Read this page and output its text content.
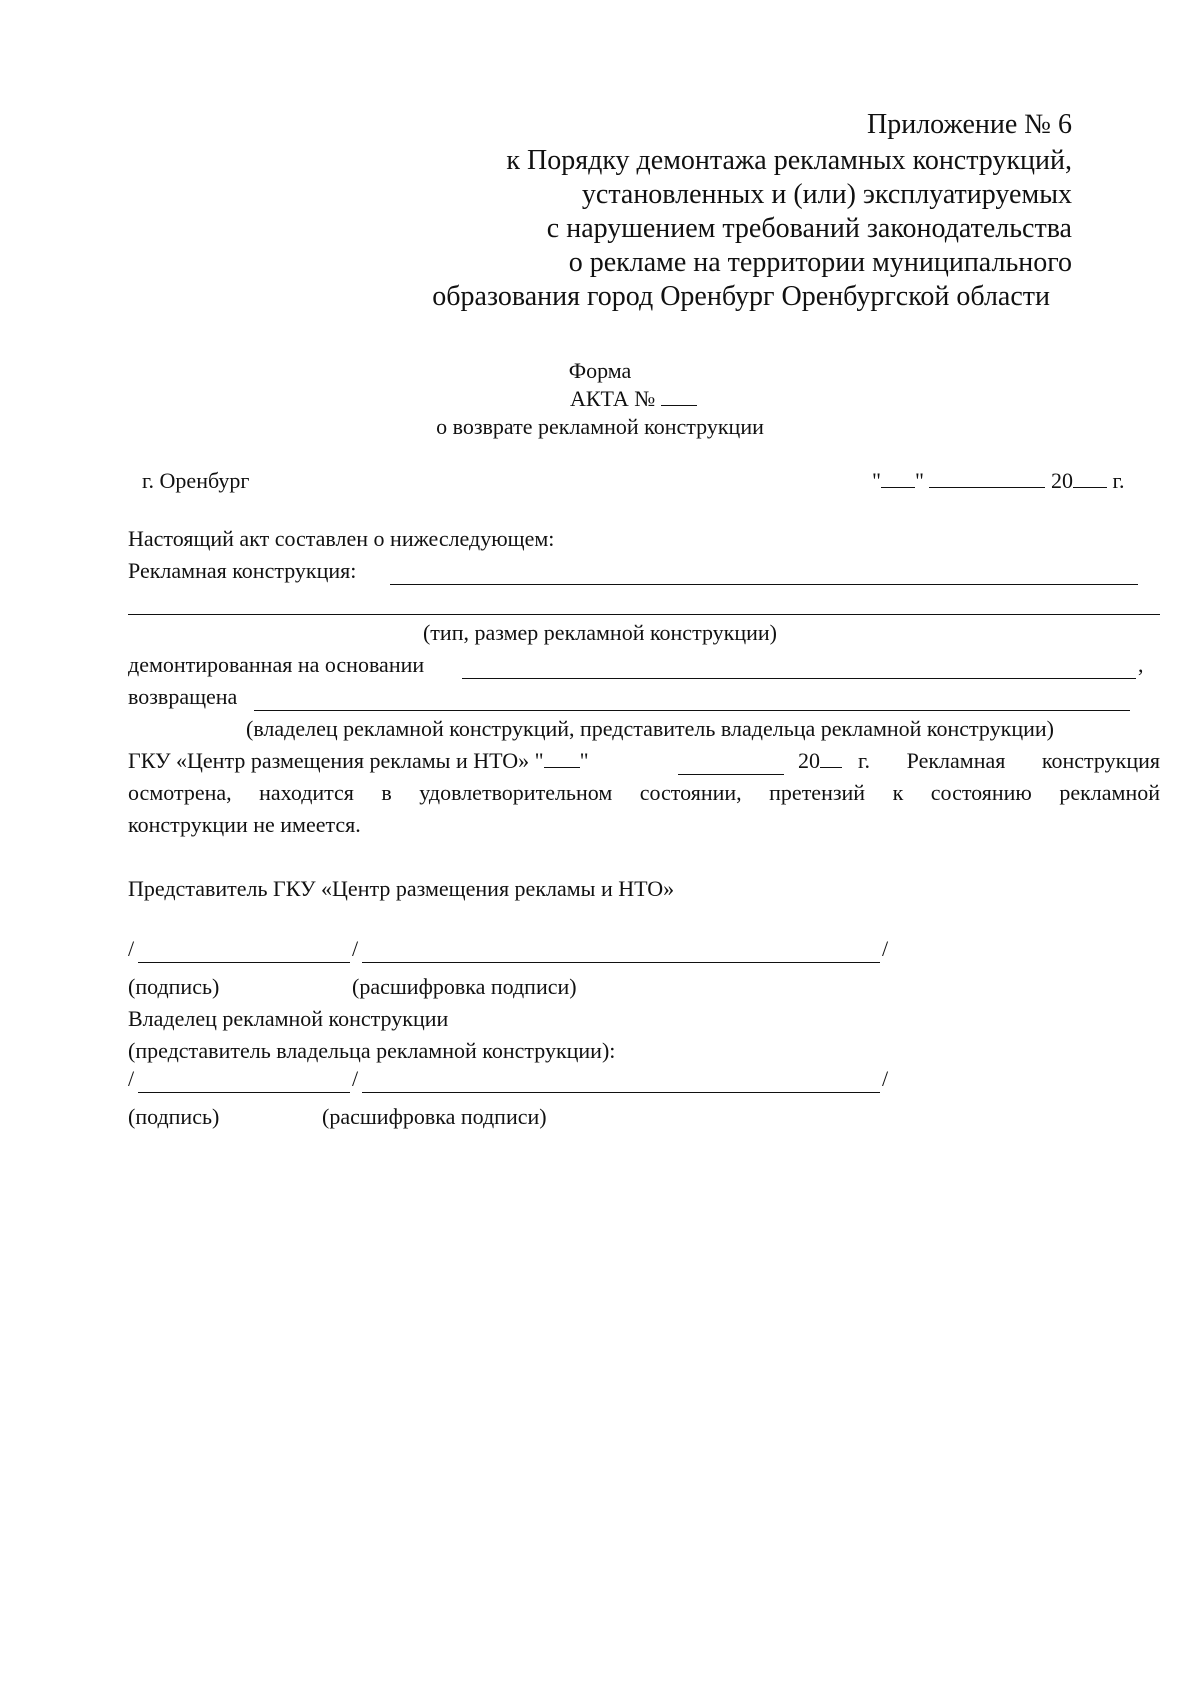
Приложение № 6
к Порядку демонтажа рекламных конструкций,
установленных и (или) эксплуатируемых
с нарушением требований законодательства
о рекламе на территории муниципального
образования город Оренбург Оренбургской области
Форма
АКТА №
о возврате рекламной конструкции
г. Оренбург	" "	20 г.
Настоящий акт составлен о нижеследующем:
Рекламная конструкция:
(тип, размер рекламной конструкции)
демонтированная на основании	,
возвращена
(владелец рекламной конструкций, представитель владельца рекламной конструкции)
ГКУ «Центр размещения рекламы и НТО» " "	20	г. Рекламная конструкция
осмотрена, находится в удовлетворительном состоянии, претензий к состоянию рекламной
конструкции не имеется.
Представитель ГКУ «Центр размещения рекламы и НТО»
/	/	/
(подпись)	(расшифровка подписи)
Владелец рекламной конструкции
(представитель владельца рекламной конструкции):
/	/	/
(подпись)	(расшифровка подписи)
